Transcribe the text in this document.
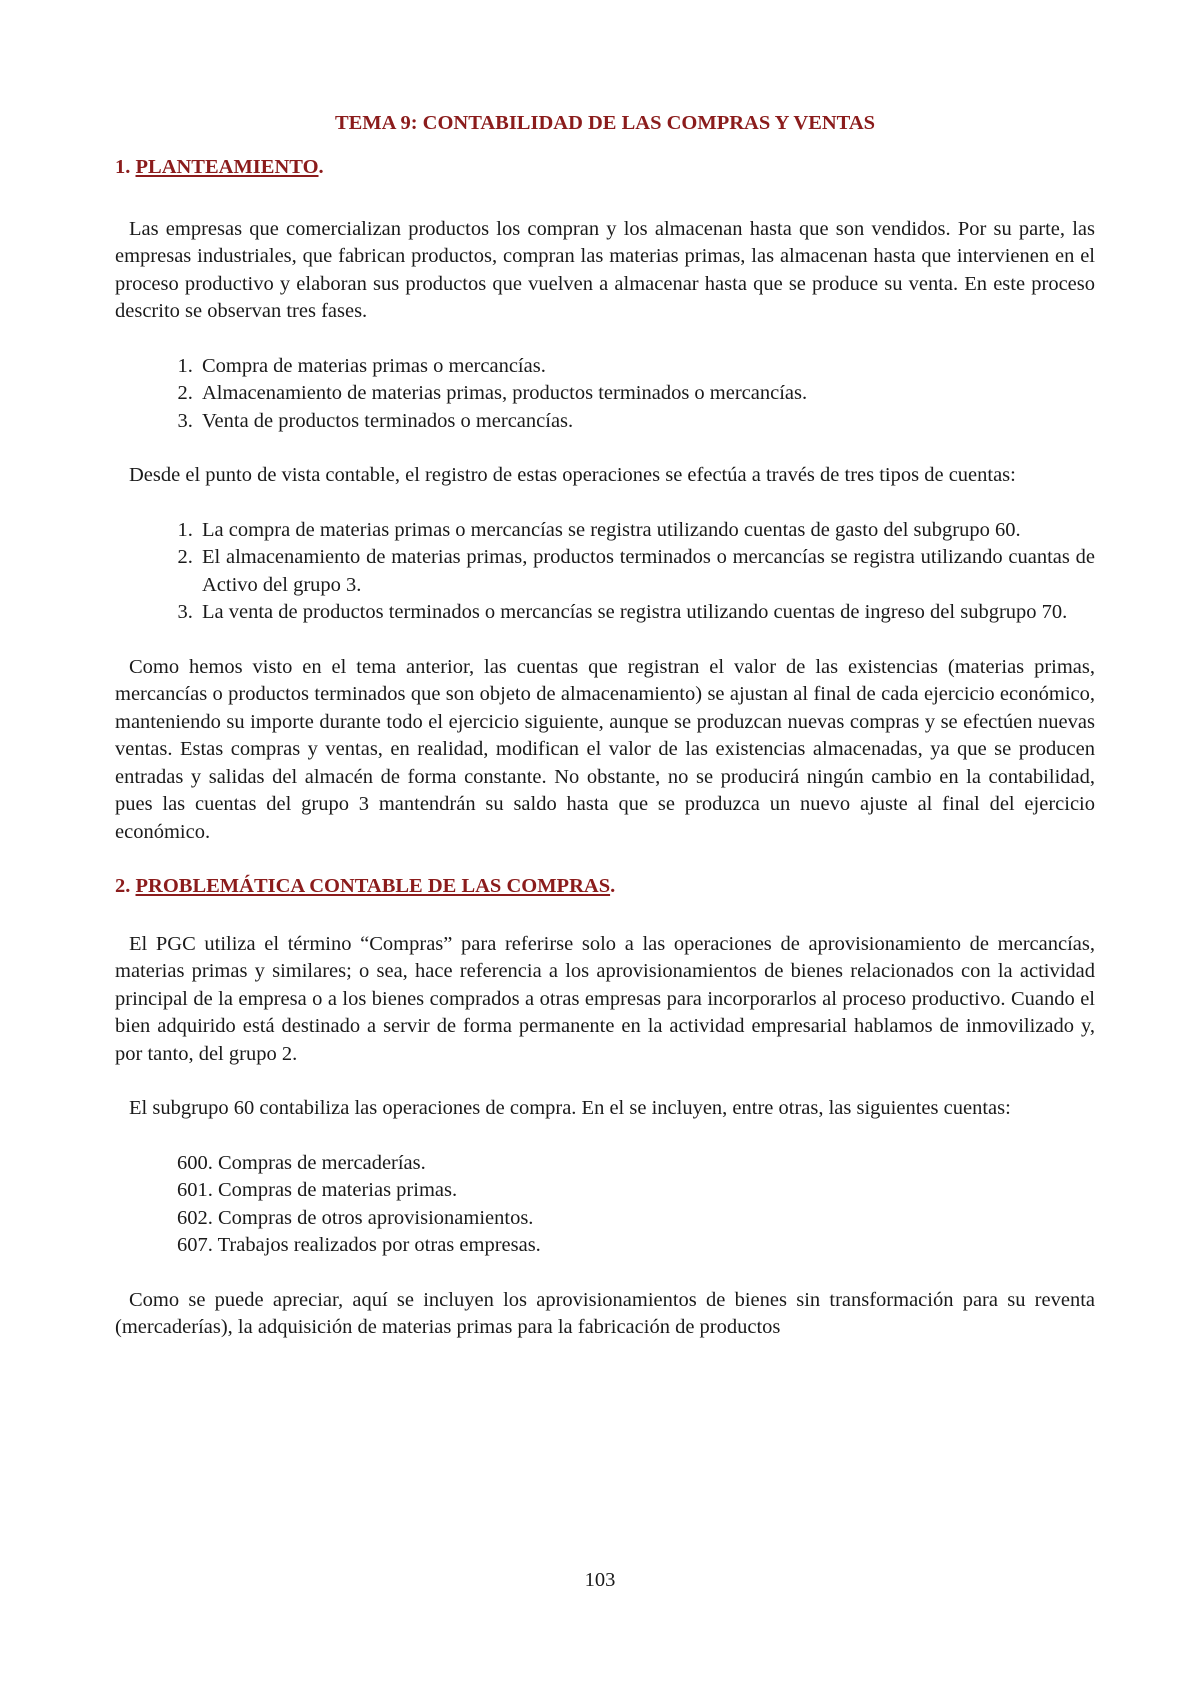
TEMA 9: CONTABILIDAD DE LAS COMPRAS Y VENTAS
1. PLANTEAMIENTO.

Las empresas que comercializan productos los compran y los almacenan hasta que son vendidos. Por su parte, las empresas industriales, que fabrican productos, compran las materias primas, las almacenan hasta que intervienen en el proceso productivo y elaboran sus productos que vuelven a almacenar hasta que se produce su venta. En este proceso descrito se observan tres fases.

1. Compra de materias primas o mercancías.
2. Almacenamiento de materias primas, productos terminados o mercancías.
3. Venta de productos terminados o mercancías.

Desde el punto de vista contable, el registro de estas operaciones se efectúa a través de tres tipos de cuentas:

1. La compra de materias primas o mercancías se registra utilizando cuentas de gasto del subgrupo 60.
2. El almacenamiento de materias primas, productos terminados o mercancías se registra utilizando cuantas de Activo del grupo 3.
3. La venta de productos terminados o mercancías se registra utilizando cuentas de ingreso del subgrupo 70.

Como hemos visto en el tema anterior, las cuentas que registran el valor de las existencias (materias primas, mercancías o productos terminados que son objeto de almacenamiento) se ajustan al final de cada ejercicio económico, manteniendo su importe durante todo el ejercicio siguiente, aunque se produzcan nuevas compras y se efectúen nuevas ventas. Estas compras y ventas, en realidad, modifican el valor de las existencias almacenadas, ya que se producen entradas y salidas del almacén de forma constante. No obstante, no se producirá ningún cambio en la contabilidad, pues las cuentas del grupo 3 mantendrán su saldo hasta que se produzca un nuevo ajuste al final del ejercicio económico.

2. PROBLEMÁTICA CONTABLE DE LAS COMPRAS.

El PGC utiliza el término “Compras” para referirse solo a las operaciones de aprovisionamiento de mercancías, materias primas y similares; o sea, hace referencia a los aprovisionamientos de bienes relacionados con la actividad principal de la empresa o a los bienes comprados a otras empresas para incorporarlos al proceso productivo. Cuando el bien adquirido está destinado a servir de forma permanente en la actividad empresarial hablamos de inmovilizado y, por tanto, del grupo 2.

El subgrupo 60 contabiliza las operaciones de compra. En el se incluyen, entre otras, las siguientes cuentas:

600. Compras de mercaderías.
601. Compras de materias primas.
602. Compras de otros aprovisionamientos.
607. Trabajos realizados por otras empresas.

Como se puede apreciar, aquí se incluyen los aprovisionamientos de bienes sin transformación para su reventa (mercaderías), la adquisición de materias primas para la fabricación de productos

103
